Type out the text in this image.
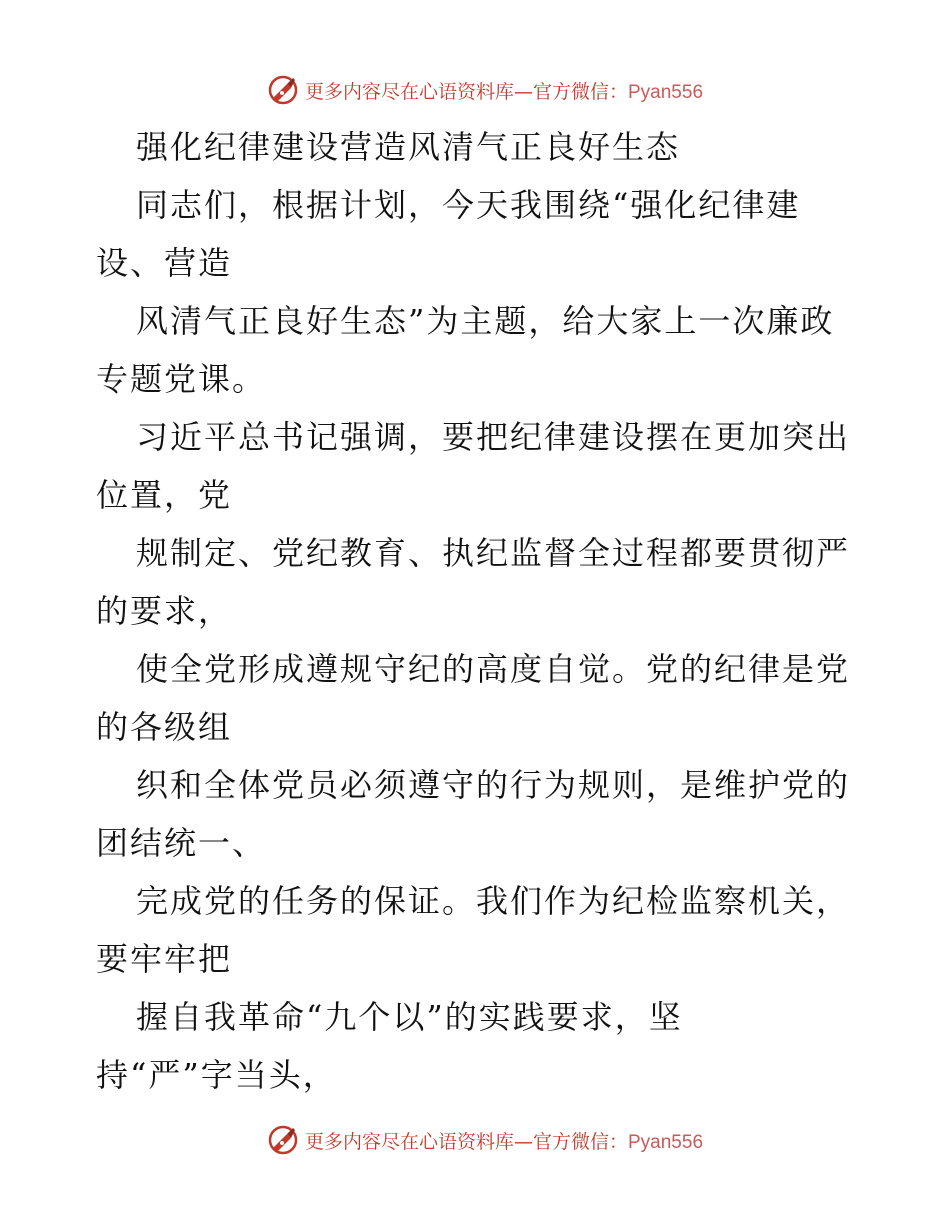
更多内容尽在心语资料库—官方微信：Pyan556
强化纪律建设营造风清气正良好生态
同志们，根据计划，今天我围绕“强化纪律建
设、营造
风清气正良好生态”为主题，给大家上一次廉政
专题党课。
习近平总书记强调，要把纪律建设摆在更加突出
位置，党
规制定、党纪教育、执纪监督全过程都要贯彻严
的要求，
使全党形成遵规守纪的高度自觉。党的纪律是党
的各级组
织和全体党员必须遵守的行为规则，是维护党的
团结统一、
完成党的任务的保证。我们作为纪检监察机关，
要牢牢把
握自我革命“九个以”的实践要求，坚
持“严”字当头，
更多内容尽在心语资料库—官方微信：Pyan556
